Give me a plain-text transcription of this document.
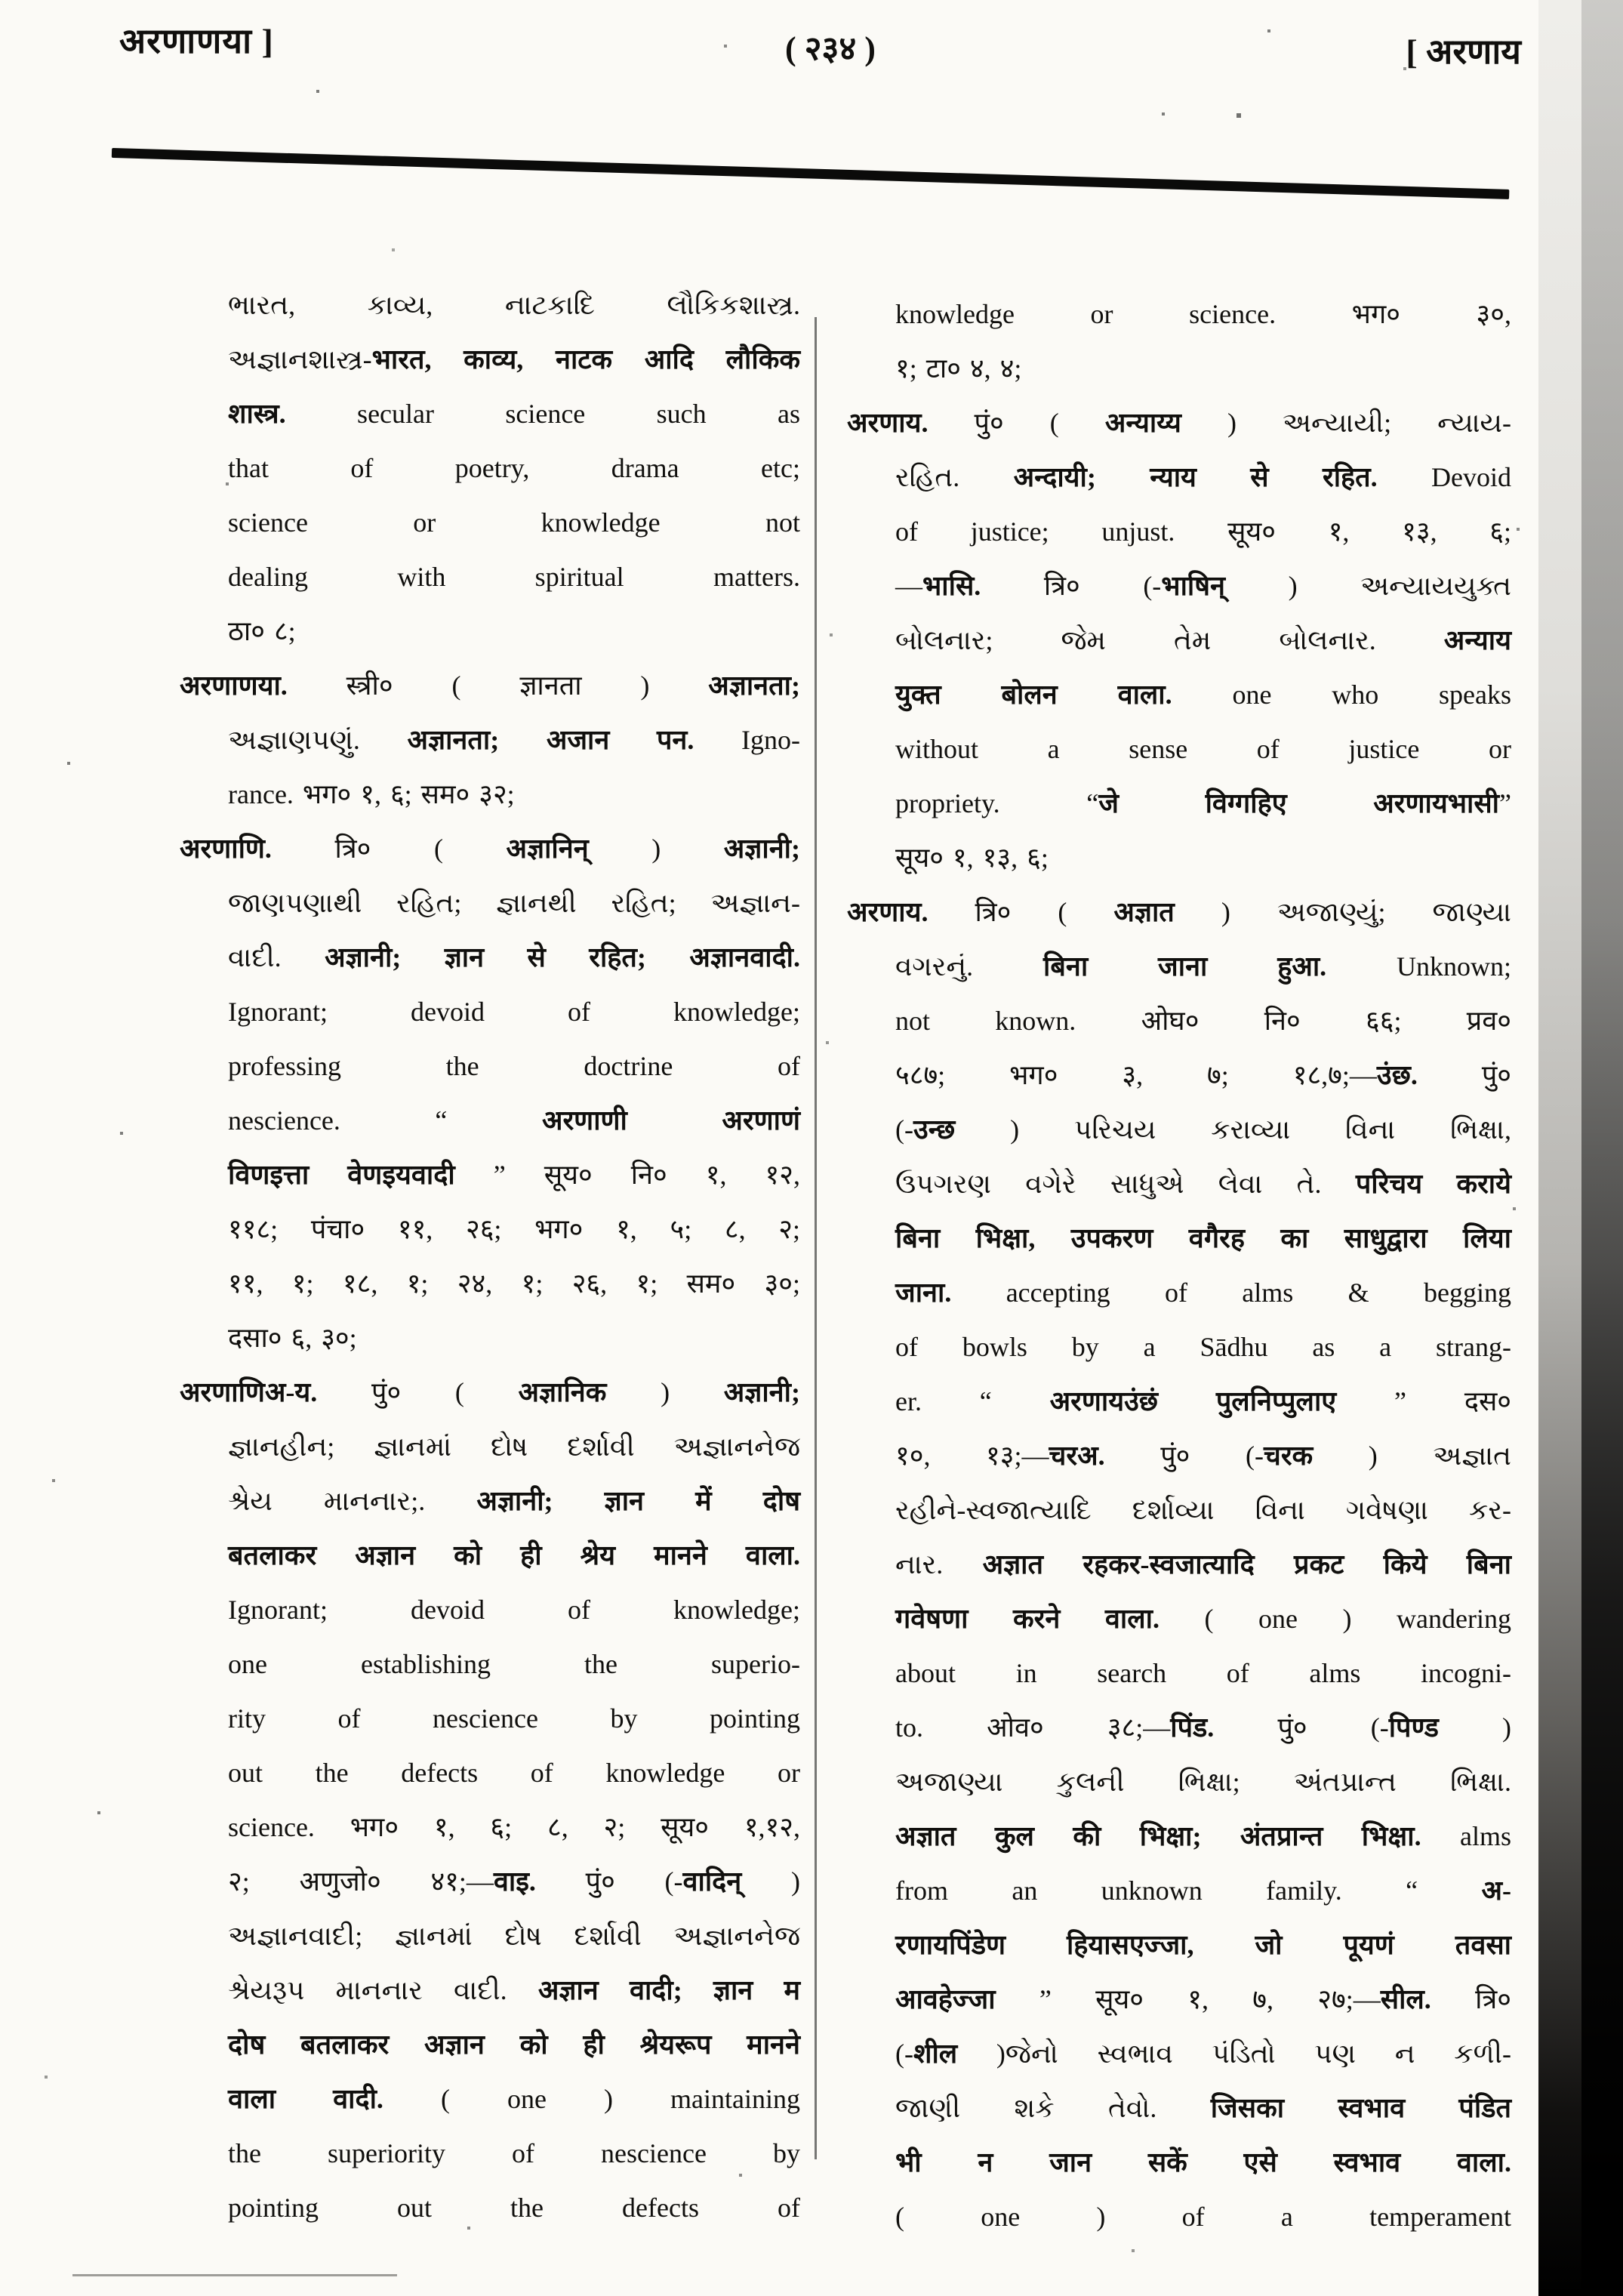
अरणाणया ]	( २३४ )	[ अरणाय
ભારત, કાવ્ય, નાટકાદિ લૌકિકશાસ્ત્ર.
અજ્ઞાનશાસ્ત્ર-भारत, काव्य, नाटक आदि लौकिक
शास्त्र. secular science such as
that of poetry, drama etc;
science or knowledge not
dealing with spiritual matters.
ठा० ८;
अरणाणया. स्त्री० ( ज्ञानता ) अज्ञानता;
અજ્ઞાણપણું. अज्ञानता; अजान पन. Igno-
rance. भग० १, ६; सम० ३२;
अरणाणि. त्रि० ( अज्ञानिन् ) अज्ञानी;
જાણપણાથી રહિત; જ્ઞાનથી રહિત; અજ્ઞાન-
વાદી. अज्ञानी; ज्ञान से रहित; अज्ञानवादी.
Ignorant; devoid of knowledge;
professing the doctrine of
nescience. “ अरणाणी अरणाणं
विणइत्ता वेणइयवादी ” सूय० नि० १, १२,
११८; पंचा० ११, २६; भग० १, ५; ८, २;
११, १; १८, १; २४, १; २६, १; सम० ३०;
दसा० ६, ३०;
अरणाणिअ-य. पुं० ( अज्ञानिक ) अज्ञानी;
જ્ઞાનહીન; જ્ઞાનમાં દોષ દર્શાવી અજ્ઞાનનેજ
શ્રેય માનનાર;. अज्ञानी; ज्ञान में दोष
बतलाकर अज्ञान को ही श्रेय मानने वाला.
Ignorant; devoid of knowledge;
one establishing the superio-
rity of nescience by pointing
out the defects of knowledge or
science. भग० १, ६; ८, २; सूय० १,१२,
२; अणुजो० ४१;—वाइ. पुं० (-वादिन् )
અજ્ઞાનવાદી; જ્ઞાનમાં દોષ દર્શાવી અજ્ઞાનનેજ
શ્રેયરૂપ માનનાર વાદી. अज्ञान वादी; ज्ञान म
दोष बतलाकर अज्ञान को ही श्रेयरूप मानने
वाला वादी. ( one ) maintaining
the superiority of nescience by
pointing out the defects of
knowledge or science. भग० ३०,
१; टा० ४, ४;
अरणाय. पुं० ( अन्याय्य ) અન્યાયી; ન્યાય-
રહિત. अन्दायी; न्याय से रहित. Devoid
of justice; unjust. सूय० १, १३, ६;
—भासि. त्रि० (-भाषिन् ) અન્યાયયુક્ત
બોલનાર; જેમ તેમ બોલનાર. अन्याय
युक्त बोलन वाला. one who speaks
without a sense of justice or
propriety. “जे विग्गहिए अरणायभासी”
सूय० १, १३, ६;
अरणाय. त्रि० ( अज्ञात ) અજાણ્યું; જાણ્યા
વગરનું. बिना जाना हुआ. Unknown;
not known. ओघ० नि० ६६; प्रव०
५८७; भग० ३, ७; १८,७;—उंछ. पुं०
(-उन्छ ) પરિચય કરાવ્યા વિના ભિક્ષા,
ઉપગરણ વગેરે સાધુએ લેવા તે. परिचय कराये
बिना भिक्षा, उपकरण वगैरह का साधुद्वारा लिया
जाना. accepting of alms & begging
of bowls by a Sādhu as a strang-
er. “ अरणायउंछं पुलनिप्पुलाए ” दस०
१०, १३;—चरअ. पुं० (-चरक ) અજ્ઞાત
રહીને-સ્વજાત્યાદિ દર્શાવ્યા વિના ગવેષણા કર-
નાર. अज्ञात रहकर-स्वजात्यादि प्रकट किये बिना
गवेषणा करने वाला. ( one ) wandering
about in search of alms incogni-
to. ओव० ३८;—पिंड. पुं० (-पिण्ड )
અજાણ્યા કુલની ભિક્ષા; અંતપ્રાન્ત ભિક્ષા.
अज्ञात कुल की भिक्षा; अंतप्रान्त भिक्षा. alms
from an unknown family. “ अ-
रणायपिंडेण हियासएज्जा, जो पूयणं तवसा
आवहेज्जा ” सूय० १, ७, २७;—सील. त्रि०
(-शील )જેનો સ્વભાવ પંડિતો પણ ન કળી-
જાણી શકે તેવો. जिसका स्वभाव पंडित
भी न जान सकें एसे स्वभाव वाला.
( one ) of a temperament
